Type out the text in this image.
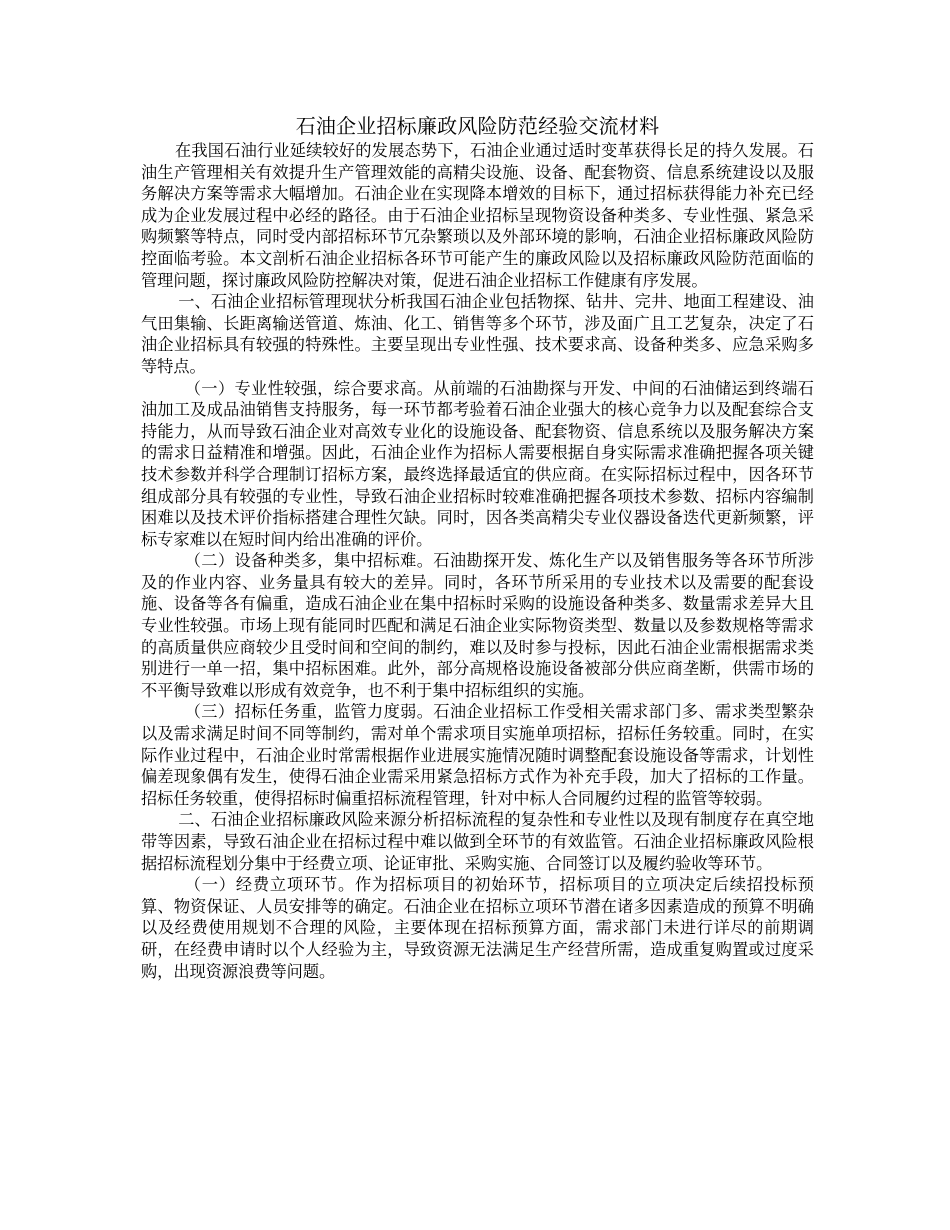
石油企业招标廉政风险防范经验交流材料

在我国石油行业延续较好的发展态势下，石油企业通过适时变革获得长足的持久发展。石油生产管理相关有效提升生产管理效能的高精尖设施、设备、配套物资、信息系统建设以及服务解决方案等需求大幅增加。石油企业在实现降本增效的目标下，通过招标获得能力补充已经成为企业发展过程中必经的路径。由于石油企业招标呈现物资设备种类多、专业性强、紧急采购频繁等特点，同时受内部招标环节冗杂繁琐以及外部环境的影响，石油企业招标廉政风险防控面临考验。本文剖析石油企业招标各环节可能产生的廉政风险以及招标廉政风险防范面临的管理问题，探讨廉政风险防控解决对策，促进石油企业招标工作健康有序发展。

一、石油企业招标管理现状分析我国石油企业包括物探、钻井、完井、地面工程建设、油气田集输、长距离输送管道、炼油、化工、销售等多个环节，涉及面广且工艺复杂，决定了石油企业招标具有较强的特殊性。主要呈现出专业性强、技术要求高、设备种类多、应急采购多等特点。

（一）专业性较强，综合要求高。从前端的石油勘探与开发、中间的石油储运到终端石油加工及成品油销售支持服务，每一环节都考验着石油企业强大的核心竞争力以及配套综合支持能力，从而导致石油企业对高效专业化的设施设备、配套物资、信息系统以及服务解决方案的需求日益精准和增强。因此，石油企业作为招标人需要根据自身实际需求准确把握各项关键技术参数并科学合理制订招标方案，最终选择最适宜的供应商。在实际招标过程中，因各环节组成部分具有较强的专业性，导致石油企业招标时较难准确把握各项技术参数、招标内容编制困难以及技术评价指标搭建合理性欠缺。同时，因各类高精尖专业仪器设备迭代更新频繁，评标专家难以在短时间内给出准确的评价。

（二）设备种类多，集中招标难。石油勘探开发、炼化生产以及销售服务等各环节所涉及的作业内容、业务量具有较大的差异。同时，各环节所采用的专业技术以及需要的配套设施、设备等各有偏重，造成石油企业在集中招标时采购的设施设备种类多、数量需求差异大且专业性较强。市场上现有能同时匹配和满足石油企业实际物资类型、数量以及参数规格等需求的高质量供应商较少且受时间和空间的制约，难以及时参与投标，因此石油企业需根据需求类别进行一单一招，集中招标困难。此外，部分高规格设施设备被部分供应商垄断，供需市场的不平衡导致难以形成有效竞争，也不利于集中招标组织的实施。

（三）招标任务重，监管力度弱。石油企业招标工作受相关需求部门多、需求类型繁杂以及需求满足时间不同等制约，需对单个需求项目实施单项招标，招标任务较重。同时，在实际作业过程中，石油企业时常需根据作业进展实施情况随时调整配套设施设备等需求，计划性偏差现象偶有发生，使得石油企业需采用紧急招标方式作为补充手段，加大了招标的工作量。招标任务较重，使得招标时偏重招标流程管理，针对中标人合同履约过程的监管等较弱。

二、石油企业招标廉政风险来源分析招标流程的复杂性和专业性以及现有制度存在真空地带等因素，导致石油企业在招标过程中难以做到全环节的有效监管。石油企业招标廉政风险根据招标流程划分集中于经费立项、论证审批、采购实施、合同签订以及履约验收等环节。

（一）经费立项环节。作为招标项目的初始环节，招标项目的立项决定后续招投标预算、物资保证、人员安排等的确定。石油企业在招标立项环节潜在诸多因素造成的预算不明确以及经费使用规划不合理的风险，主要体现在招标预算方面，需求部门未进行详尽的前期调研，在经费申请时以个人经验为主，导致资源无法满足生产经营所需，造成重复购置或过度采购，出现资源浪费等问题。
